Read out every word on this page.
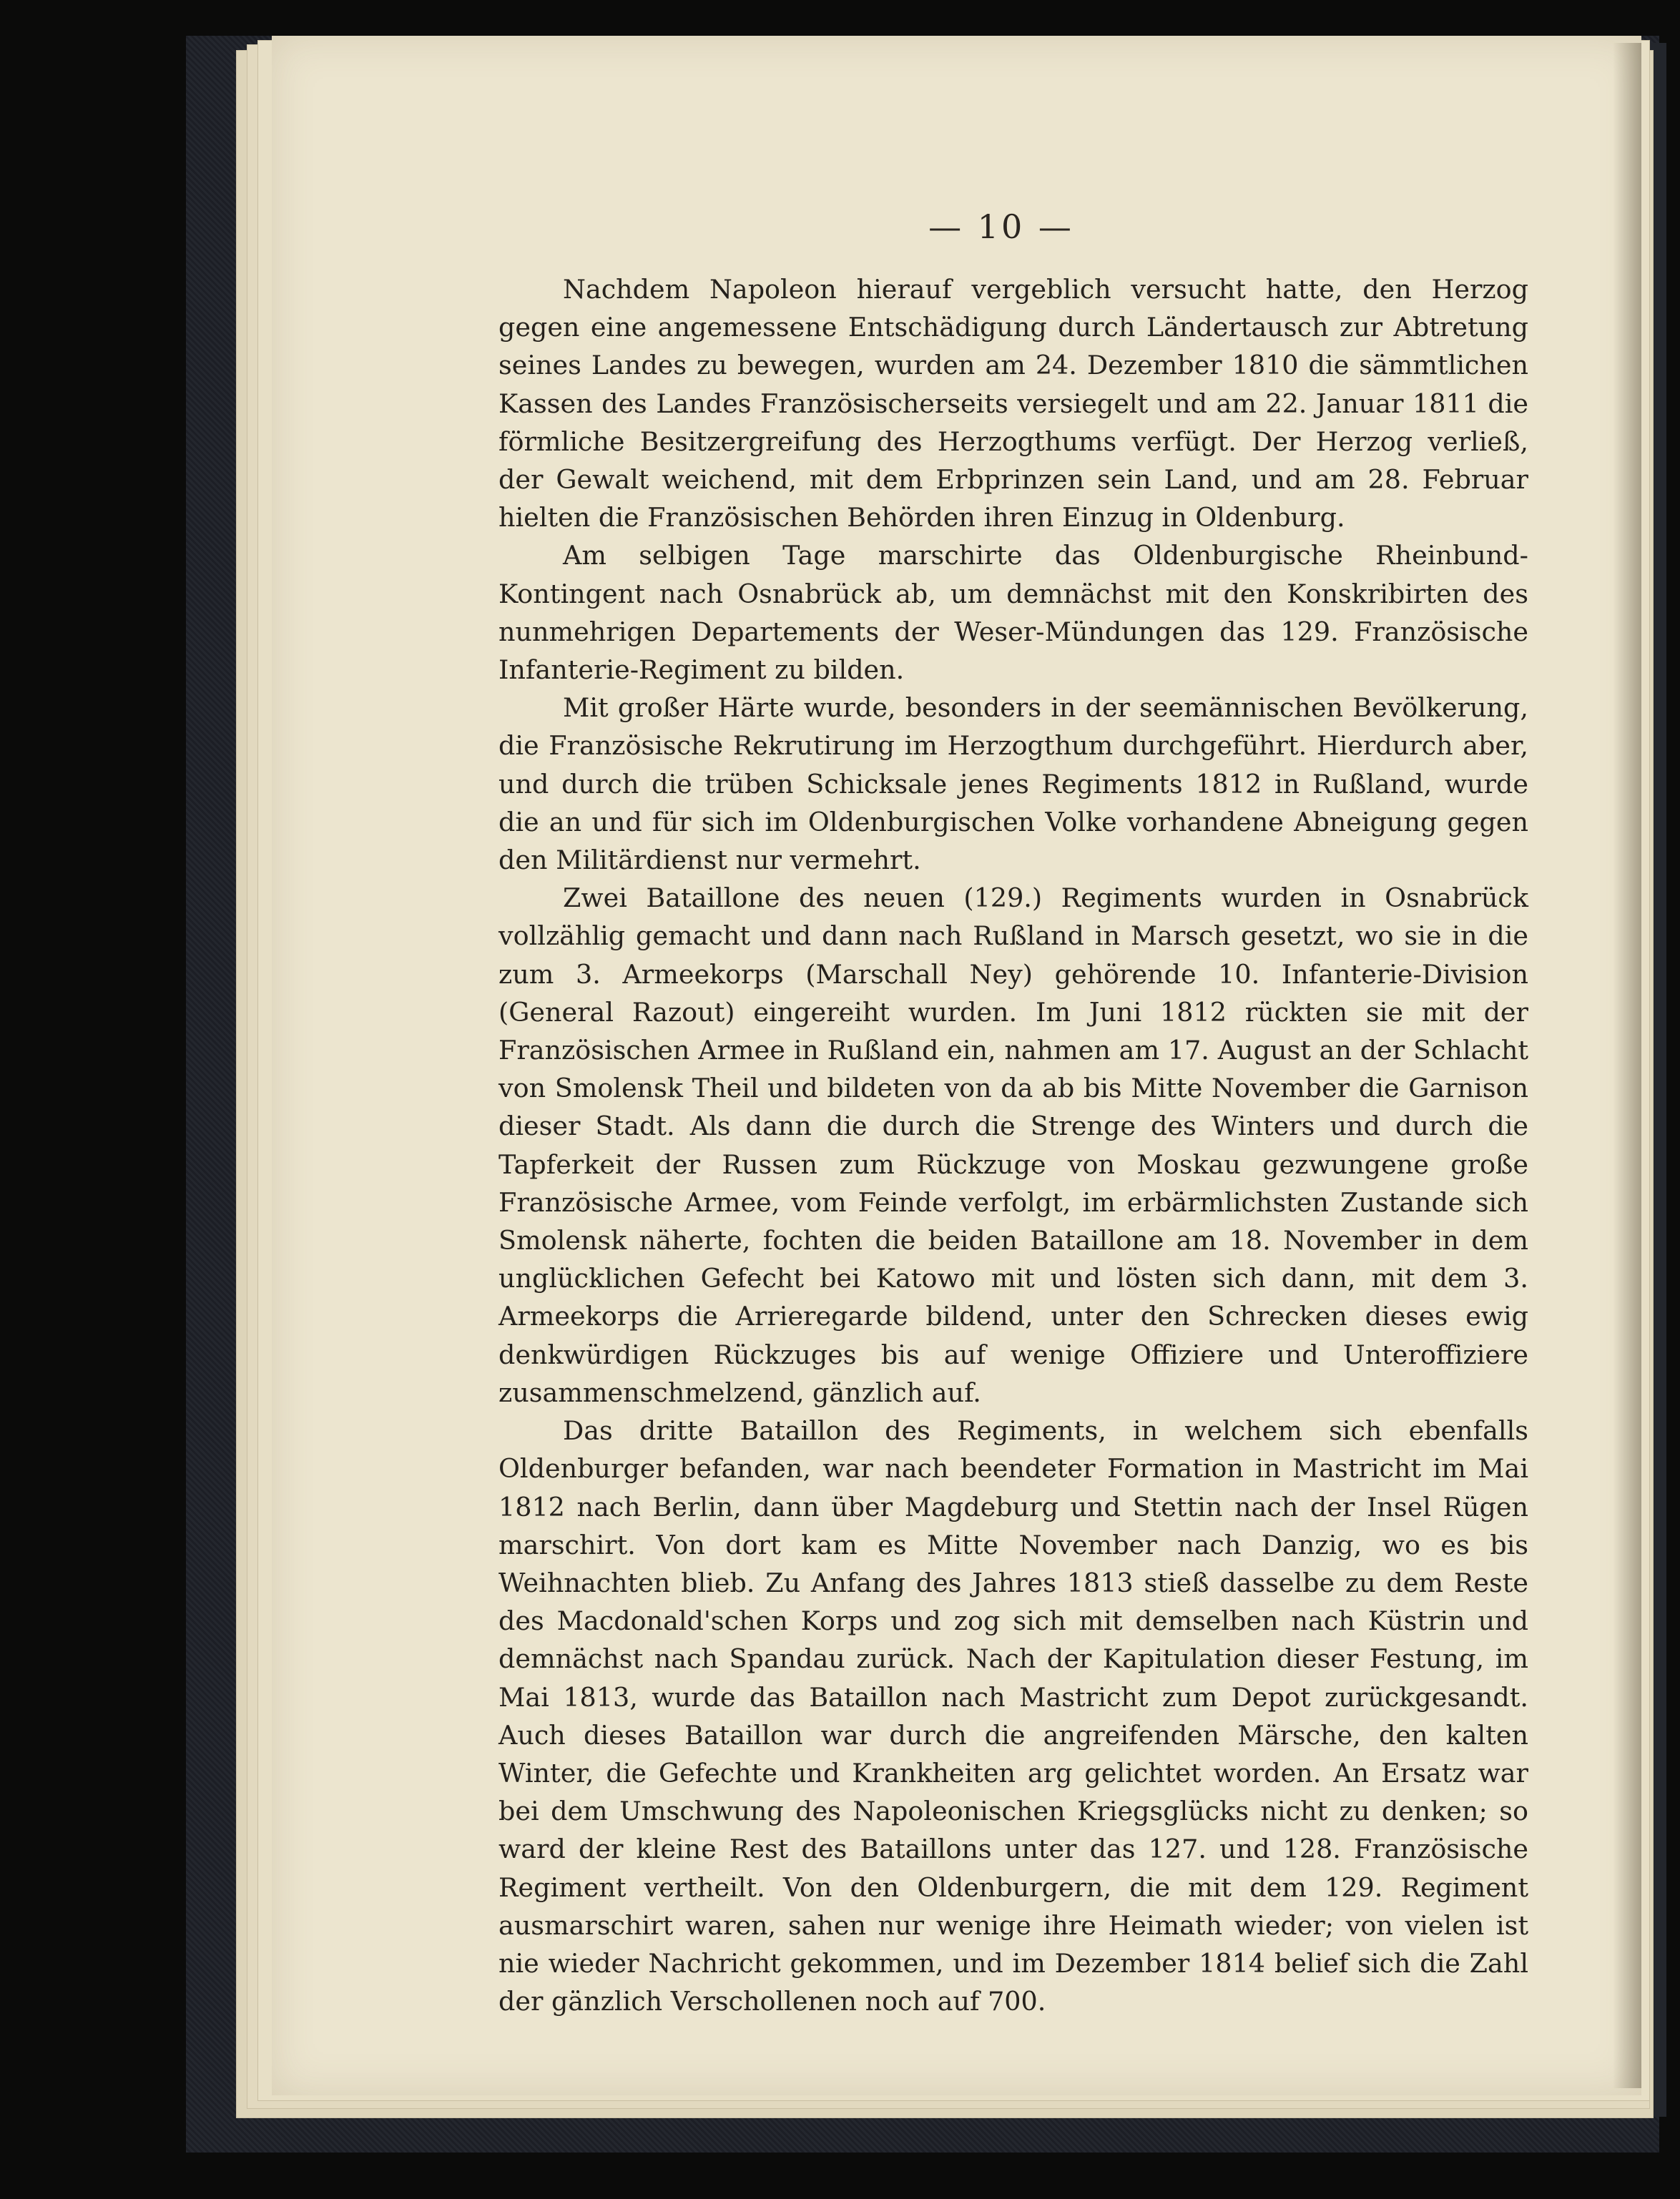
— 10 —

Nachdem Napoleon hierauf vergeblich versucht hatte, den Herzog gegen eine angemessene Entschädigung durch Ländertausch zur Abtretung seines Landes zu bewegen, wurden am 24. Dezember 1810 die sämmtlichen Kassen des Landes Französischerseits versiegelt und am 22. Januar 1811 die förmliche Besitzergreifung des Herzogthums verfügt. Der Herzog verließ, der Gewalt weichend, mit dem Erbprinzen sein Land, und am 28. Februar hielten die Französischen Behörden ihren Einzug in Oldenburg.

Am selbigen Tage marschirte das Oldenburgische Rheinbund-Kontingent nach Osnabrück ab, um demnächst mit den Konskribirten des nunmehrigen Departements der Weser-Mündungen das 129. Französische Infanterie-Regiment zu bilden.

Mit großer Härte wurde, besonders in der seemännischen Bevölkerung, die Französische Rekrutirung im Herzogthum durchgeführt. Hierdurch aber, und durch die trüben Schicksale jenes Regiments 1812 in Rußland, wurde die an und für sich im Oldenburgischen Volke vorhandene Abneigung gegen den Militärdienst nur vermehrt.

Zwei Bataillone des neuen (129.) Regiments wurden in Osnabrück vollzählig gemacht und dann nach Rußland in Marsch gesetzt, wo sie in die zum 3. Armeekorps (Marschall Ney) gehörende 10. Infanterie-Division (General Razout) eingereiht wurden. Im Juni 1812 rückten sie mit der Französischen Armee in Rußland ein, nahmen am 17. August an der Schlacht von Smolensk Theil und bildeten von da ab bis Mitte November die Garnison dieser Stadt. Als dann die durch die Strenge des Winters und durch die Tapferkeit der Russen zum Rückzuge von Moskau gezwungene große Französische Armee, vom Feinde verfolgt, im erbärmlichsten Zustande sich Smolensk näherte, fochten die beiden Bataillone am 18. November in dem unglücklichen Gefecht bei Katowo mit und lösten sich dann, mit dem 3. Armeekorps die Arrieregarde bildend, unter den Schrecken dieses ewig denkwürdigen Rückzuges bis auf wenige Offiziere und Unteroffiziere zusammenschmelzend, gänzlich auf.

Das dritte Bataillon des Regiments, in welchem sich ebenfalls Oldenburger befanden, war nach beendeter Formation in Mastricht im Mai 1812 nach Berlin, dann über Magdeburg und Stettin nach der Insel Rügen marschirt. Von dort kam es Mitte November nach Danzig, wo es bis Weihnachten blieb. Zu Anfang des Jahres 1813 stieß dasselbe zu dem Reste des Macdonald'schen Korps und zog sich mit demselben nach Küstrin und demnächst nach Spandau zurück. Nach der Kapitulation dieser Festung, im Mai 1813, wurde das Bataillon nach Mastricht zum Depot zurückgesandt. Auch dieses Bataillon war durch die angreifenden Märsche, den kalten Winter, die Gefechte und Krankheiten arg gelichtet worden. An Ersatz war bei dem Umschwung des Napoleonischen Kriegsglücks nicht zu denken; so ward der kleine Rest des Bataillons unter das 127. und 128. Französische Regiment vertheilt. Von den Oldenburgern, die mit dem 129. Regiment ausmarschirt waren, sahen nur wenige ihre Heimath wieder; von vielen ist nie wieder Nachricht gekommen, und im Dezember 1814 belief sich die Zahl der gänzlich Verschollenen noch auf 700.
